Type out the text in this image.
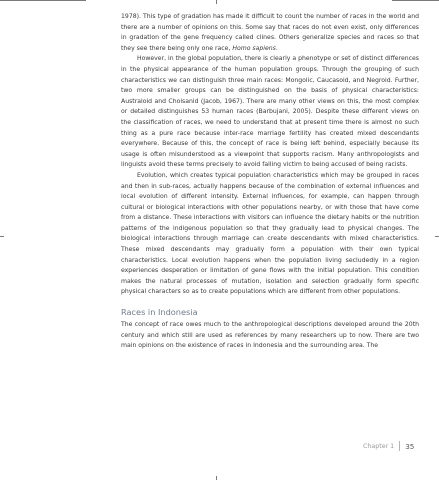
1978). This type of gradation has made it difficult to count the number of races in the world and there are a number of opinions on this. Some say that races do not even exist, only differences in gradation of the gene frequency called clines. Others generalize species and races so that they see there being only one race, Homo sapiens.

However, in the global population, there is clearly a phenotype or set of distinct differences in the physical appearance of the human population groups. Through the grouping of such characteristics we can distinguish three main races: Mongolic, Caucasoid, and Negroid. Further, two more smaller groups can be distinguished on the basis of physical characteristics: Australoid and Choisanid (Jacob, 1967). There are many other views on this, the most complex or detailed distinguishes 53 human races (Barbujani, 2005). Despite these different views on the classification of races, we need to understand that at present time there is almost no such thing as a pure race because inter-race marriage fertility has created mixed descendants everywhere. Because of this, the concept of race is being left behind, especially because its usage is often misunderstood as a viewpoint that supports racism. Many anthropologists and linguists avoid these terms precisely to avoid falling victim to being accused of being racists.

Evolution, which creates typical population characteristics which may be grouped in races and then in sub-races, actually happens because of the combination of external influences and local evolution of different intensity. External influences, for example, can happen through cultural or biological interactions with other populations nearby, or with those that have come from a distance. These interactions with visitors can influence the dietary habits or the nutrition patterns of the indigenous population so that they gradually lead to physical changes. The biological interactions through marriage can create descendants with mixed characteristics. These mixed descendants may gradually form a population with their own typical characteristics. Local evolution happens when the population living secludedly in a region experiences desperation or limitation of gene flows with the initial population. This condition makes the natural processes of mutation, isolation and selection gradually form specific physical characters so as to create populations which are different from other populations.

Races in Indonesia

The concept of race owes much to the anthropological descriptions developed around the 20th century and which still are used as references by many researchers up to now. There are two main opinions on the existence of races in Indonesia and the surrounding area. The

Chapter 1 35
